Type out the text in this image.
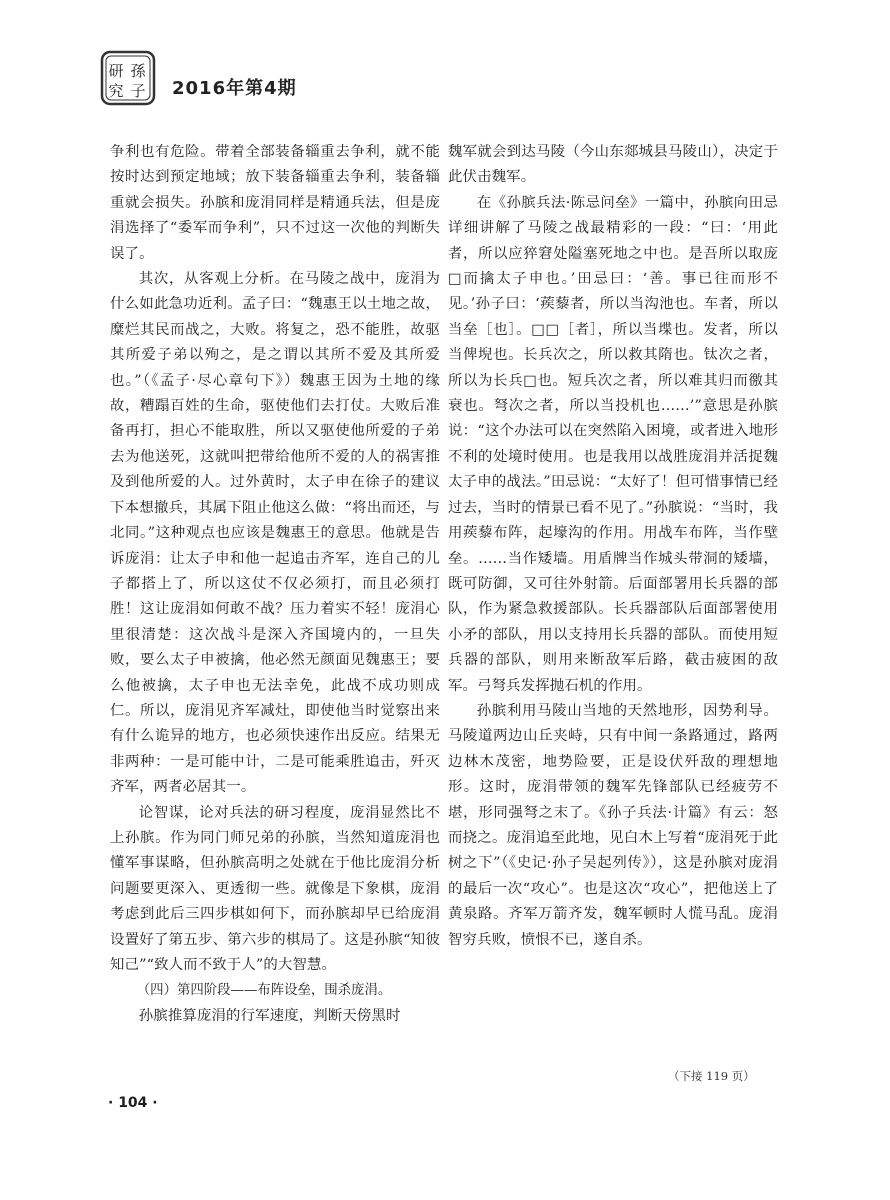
研
究
孫
子 2016年第4期

争利也有危险。带着全部装备辎重去争利，就不能按时达到预定地域；放下装备辎重去争利，装备辎重就会损失。孙膑和庞涓同样是精通兵法，但是庞涓选择了“委军而争利”，只不过这一次他的判断失误了。

其次，从客观上分析。在马陵之战中，庞涓为什么如此急功近利。孟子曰：“魏惠王以土地之故，糜烂其民而战之，大败。将复之，恐不能胜，故驱其所爱子弟以殉之，是之谓以其所不爱及其所爱也。”（《孟子·尽心章句下》）魏惠王因为土地的缘故，糟蹋百姓的生命，驱使他们去打仗。大败后准备再打，担心不能取胜，所以又驱使他所爱的子弟去为他送死，这就叫把带给他所不爱的人的祸害推及到他所爱的人。过外黄时，太子申在徐子的建议下本想撤兵，其属下阻止他这么做：“将出而还，与北同。”这种观点也应该是魏惠王的意思。他就是告诉庞涓：让太子申和他一起追击齐军，连自己的儿子都搭上了，所以这仗不仅必须打，而且必须打胜！这让庞涓如何敢不战？压力着实不轻！庞涓心里很清楚：这次战斗是深入齐国境内的，一旦失败，要么太子申被擒，他必然无颜面见魏惠王；要么他被擒，太子申也无法幸免，此战不成功则成仁。所以，庞涓见齐军减灶，即使他当时觉察出来有什么诡异的地方，也必须快速作出反应。结果无非两种：一是可能中计，二是可能乘胜追击，歼灭齐军，两者必居其一。

论智谋，论对兵法的研习程度，庞涓显然比不上孙膑。作为同门师兄弟的孙膑，当然知道庞涓也懂军事谋略，但孙膑高明之处就在于他比庞涓分析问题要更深入、更透彻一些。就像是下象棋，庞涓考虑到此后三四步棋如何下，而孙膑却早已给庞涓设置好了第五步、第六步的棋局了。这是孙膑“知彼知己”“致人而不致于人”的大智慧。

（四）第四阶段——布阵设垒，围杀庞涓。

孙膑推算庞涓的行军速度，判断天傍黑时

魏军就会到达马陵（今山东郯城县马陵山），决定于此伏击魏军。

在《孙膑兵法·陈忌问垒》一篇中，孙膑向田忌详细讲解了马陵之战最精彩的一段：“曰：‘用此者，所以应猝窘处隘塞死地之中也。是吾所以取庞□而擒太子申也。’田忌曰：‘善。事已往而形不见。’孙子曰：‘蒺藜者，所以当沟池也。车者，所以当垒［也］。□□［者］，所以当堞也。发者，所以当俾堄也。长兵次之，所以救其隋也。钛次之者，所以为长兵□也。短兵次之者，所以难其归而徼其衰也。弩次之者，所以当投机也……’”意思是孙膑说：“这个办法可以在突然陷入困境，或者进入地形不利的处境时使用。也是我用以战胜庞涓并活捉魏太子申的战法。”田忌说：“太好了！但可惜事情已经过去，当时的情景已看不见了。”孙膑说：“当时，我用蒺藜布阵，起壕沟的作用。用战车布阵，当作壁垒。……当作矮墙。用盾牌当作城头带洞的矮墙，既可防御，又可往外射箭。后面部署用长兵器的部队，作为紧急救援部队。长兵器部队后面部署使用小矛的部队，用以支持用长兵器的部队。而使用短兵器的部队，则用来断敌军后路，截击疲困的敌军。弓弩兵发挥抛石机的作用。

孙膑利用马陵山当地的天然地形，因势利导。马陵道两边山丘夹峙，只有中间一条路通过，路两边林木茂密，地势险要，正是设伏歼敌的理想地形。这时，庞涓带领的魏军先锋部队已经疲劳不堪，形同强弩之末了。《孙子兵法·计篇》有云：怒而挠之。庞涓追至此地，见白木上写着“庞涓死于此树之下”（《史记·孙子吴起列传》），这是孙膑对庞涓的最后一次“攻心”。也是这次“攻心”，把他送上了黄泉路。齐军万箭齐发，魏军顿时人慌马乱。庞涓智穷兵败，愤恨不已，遂自杀。

（下接 119 页）
· 104 ·
